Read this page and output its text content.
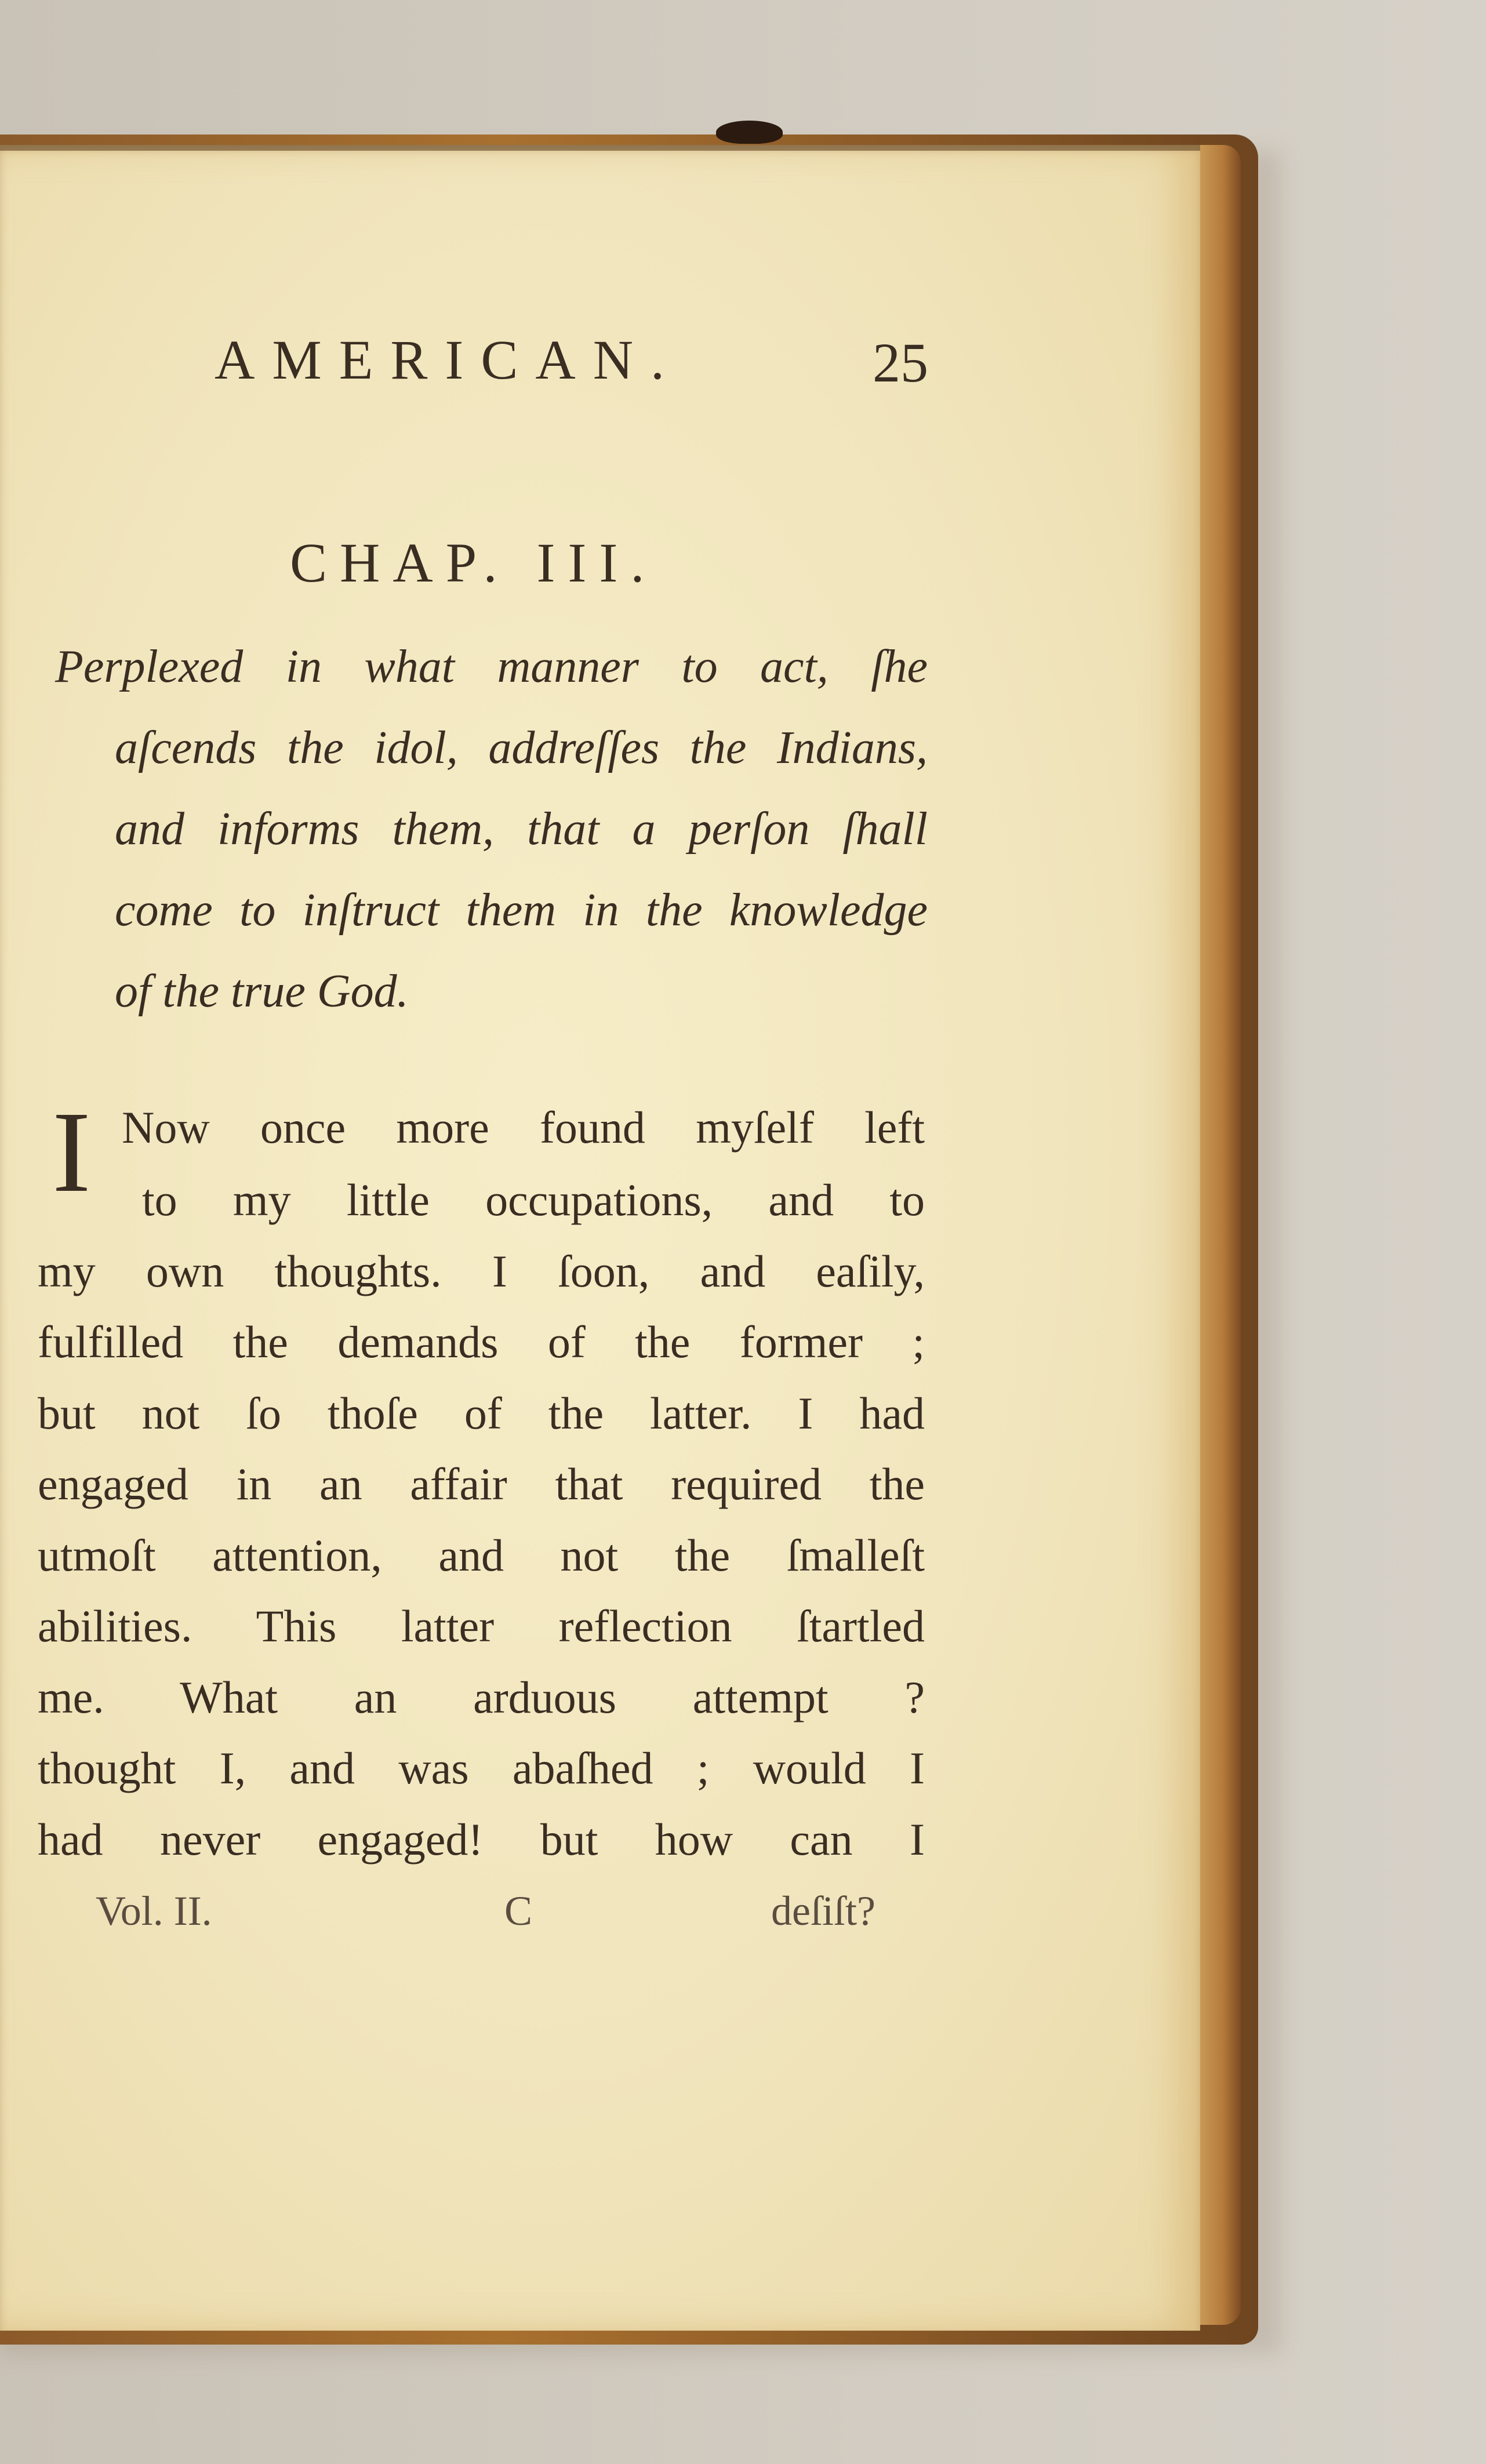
AMERICAN.	25
CHAP. III.
Perplexed in what manner to act, ſhe
aſcends the idol, addreſſes the Indians,
and informs them, that a perſon ſhall
come to inſtruct them in the knowledge
of the true God.
I Now once more found myſelf left
to my little occupations, and to
my own thoughts. I ſoon, and eaſily,
fulfilled the demands of the former ;
but not ſo thoſe of the latter. I had
engaged in an affair that required the
utmoſt attention, and not the ſmalleſt
abilities. This latter reflection ſtartled
me. What an arduous attempt ?
thought I, and was abaſhed ; would I
had never engaged! but how can I
Vol. II.	C	deſiſt?
